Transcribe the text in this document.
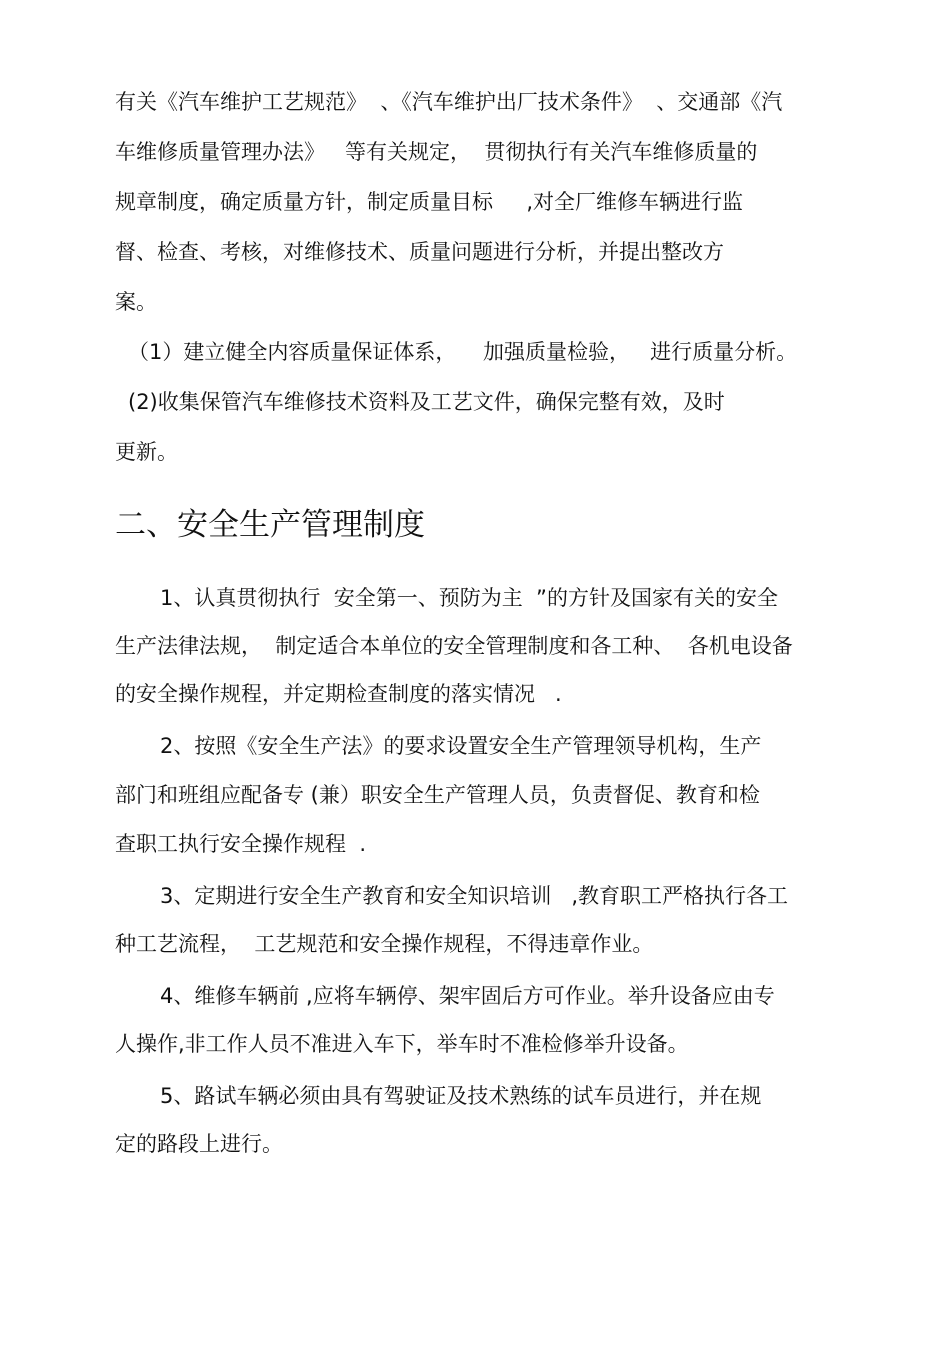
有关《汽车维护工艺规范》  、《汽车维护出厂技术条件》  、交通部《汽
车维修质量管理办法》   等有关规定，  贯彻执行有关汽车维修质量的
规章制度，确定质量方针，制定质量目标     ,对全厂维修车辆进行监
督、检查、考核，对维修技术、质量问题进行分析，并提出整改方
案。
（1）建立健全内容质量保证体系，    加强质量检验，   进行质量分析。
(2)收集保管汽车维修技术资料及工艺文件，确保完整有效，及时
更新。
二、安全生产管理制度
1、认真贯彻执行  安全第一、预防为主  ”的方针及国家有关的安全
生产法律法规，  制定适合本单位的安全管理制度和各工种、  各机电设备
的安全操作规程，并定期检查制度的落实情况   .
2、按照《安全生产法》的要求设置安全生产管理领导机构，生产
部门和班组应配备专 (兼）职安全生产管理人员，负责督促、教育和检
查职工执行安全操作规程  .
3、定期进行安全生产教育和安全知识培训   ,教育职工严格执行各工
种工艺流程，  工艺规范和安全操作规程，不得违章作业。
4、维修车辆前 ,应将车辆停、架牢固后方可作业。举升设备应由专
人操作,非工作人员不准进入车下，举车时不准检修举升设备。
5、路试车辆必须由具有驾驶证及技术熟练的试车员进行，并在规
定的路段上进行。
